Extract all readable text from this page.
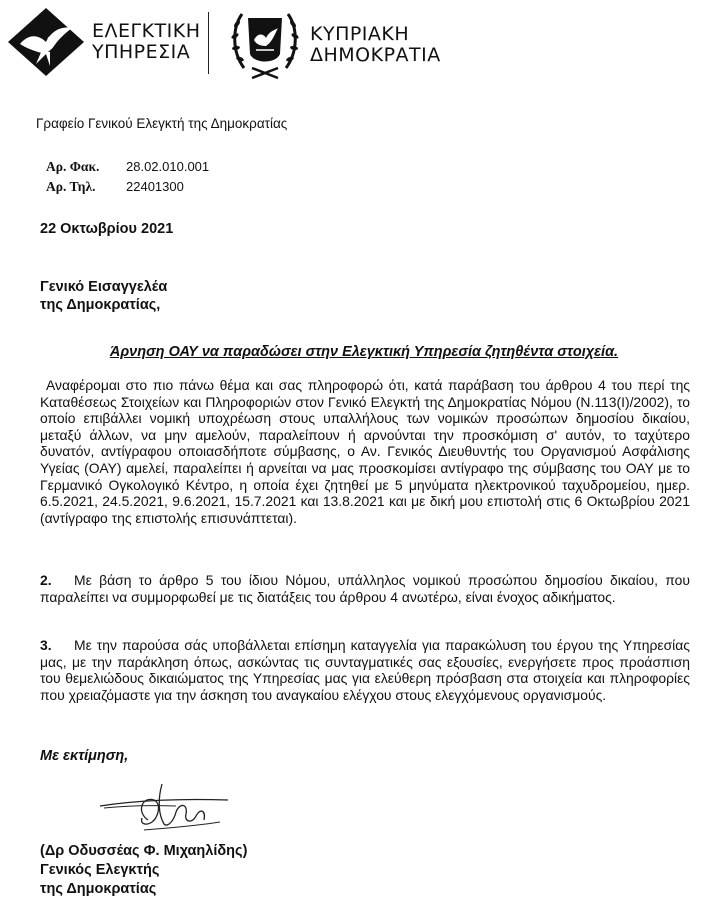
ΕΛΕΓΚΤΙΚΗ
ΥΠΗΡΕΣΙΑ
ΚΥΠΡΙΑΚΗ
ΔΗΜΟΚΡΑΤΙΑ
Γραφείο Γενικού Ελεγκτή της Δημοκρατίας
Αρ. Φακ.	28.02.010.001
Αρ. Τηλ.	22401300
22 Οκτωβρίου 2021
Γενικό Εισαγγελέα
της Δημοκρατίας,
Άρνηση ΟΑΥ να παραδώσει στην Ελεγκτική Υπηρεσία ζητηθέντα στοιχεία.
Αναφέρομαι στο πιο πάνω θέμα και σας πληροφορώ ότι, κατά παράβαση του άρθρου 4 του περί της Καταθέσεως Στοιχείων και Πληροφοριών στον Γενικό Ελεγκτή της Δημοκρατίας Νόμου (Ν.113(Ι)/2002), το οποίο επιβάλλει νομική υποχρέωση στους υπαλλήλους των νομικών προσώπων δημοσίου δικαίου, μεταξύ άλλων, να μην αμελούν, παραλείπουν ή αρνούνται την προσκόμιση σ' αυτόν, το ταχύτερο δυνατόν, αντίγραφου οποιασδήποτε σύμβασης, ο Αν. Γενικός Διευθυντής του Οργανισμού Ασφάλισης Υγείας (ΟΑΥ) αμελεί, παραλείπει ή αρνείται να μας προσκομίσει αντίγραφο της σύμβασης του ΟΑΥ με το Γερμανικό Ογκολογικό Κέντρο, η οποία έχει ζητηθεί με 5 μηνύματα ηλεκτρονικού ταχυδρομείου, ημερ. 6.5.2021, 24.5.2021, 9.6.2021, 15.7.2021 και 13.8.2021 και με δική μου επιστολή στις 6 Οκτωβρίου 2021 (αντίγραφο της επιστολής επισυνάπτεται).
2. Με βάση το άρθρο 5 του ίδιου Νόμου, υπάλληλος νομικού προσώπου δημοσίου δικαίου, που παραλείπει να συμμορφωθεί με τις διατάξεις του άρθρου 4 ανωτέρω, είναι ένοχος αδικήματος.
3. Με την παρούσα σάς υποβάλλεται επίσημη καταγγελία για παρακώλυση του έργου της Υπηρεσίας μας, με την παράκληση όπως, ασκώντας τις συνταγματικές σας εξουσίες, ενεργήσετε προς προάσπιση του θεμελιώδους δικαιώματος της Υπηρεσίας μας για ελεύθερη πρόσβαση στα στοιχεία και πληροφορίες που χρειαζόμαστε για την άσκηση του αναγκαίου ελέγχου στους ελεγχόμενους οργανισμούς.
Με εκτίμηση,
(Δρ Οδυσσέας Φ. Μιχαηλίδης)
Γενικός Ελεγκτής
της Δημοκρατίας
